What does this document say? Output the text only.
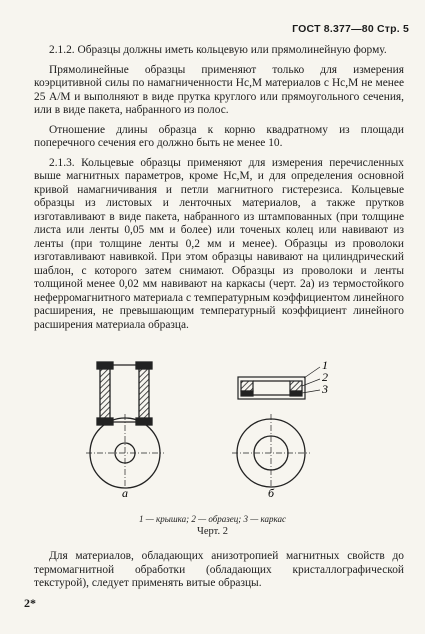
ГОСТ 8.377—80 Стр. 5

2.1.2. Образцы должны иметь кольцевую или прямолинейную форму.

Прямолинейные образцы применяют только для измерения коэрцитивной силы по намагниченности Hc,M материалов с Hc,M не менее 25 А/М и выполняют в виде прутка круглого или прямоугольного сечения, или в виде пакета, набранного из полос.

Отношение длины образца к корню квадратному из площади поперечного сечения его должно быть не менее 10.

2.1.3. Кольцевые образцы применяют для измерения перечисленных выше магнитных параметров, кроме Hc,M, и для определения основной кривой намагничивания и петли магнитного гистерезиса. Кольцевые образцы из листовых и ленточных материалов, а также прутков изготавливают в виде пакета, набранного из штампованных (при толщине листа или ленты 0,05 мм и более) или точеных колец или навивают из ленты (при толщине ленты 0,2 мм и менее). Образцы из проволоки изготавливают навивкой. При этом образцы навивают на цилиндрический шаблон, с которого затем снимают. Образцы из проволоки и ленты толщиной менее 0,02 мм навивают на каркасы (черт. 2а) из термостойкого неферромагнитного материала с температурным коэффициентом линейного расширения, не превышающим температурный коэффициент линейного расширения материала образца.

1
2
3
а	б
1 — крышка; 2 — образец; 3 — каркас
Черт. 2

Для материалов, обладающих анизотропией магнитных свойств до термомагнитной обработки (обладающих кристаллографической текстурой), следует применять витые образцы.

2*
